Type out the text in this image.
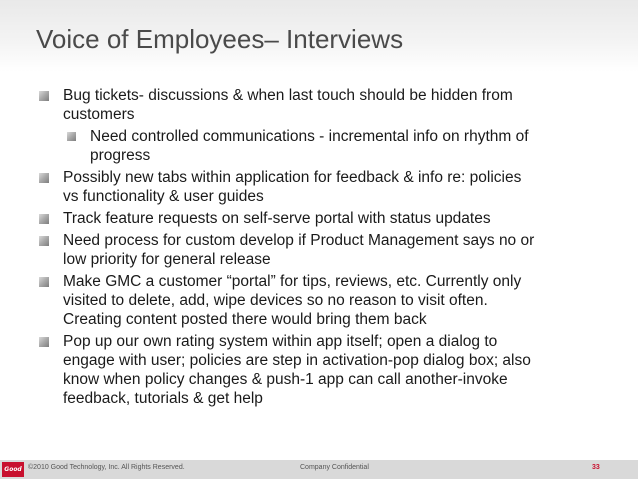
Voice of Employees– Interviews
Bug tickets- discussions & when last touch should be hidden from customers
Need controlled communications - incremental info on rhythm of progress
Possibly new tabs within application for feedback & info re: policies vs functionality & user guides
Track feature requests on self-serve portal with status updates
Need process for custom develop if Product Management says no or low priority for general release
Make GMC a customer “portal” for tips, reviews, etc. Currently only visited to delete, add, wipe devices so no reason to visit often. Creating content posted there would bring them back
Pop up our own rating system within app itself; open a dialog to engage with user; policies are step in activation-pop dialog box; also know when policy changes & push-1 app can call another-invoke feedback, tutorials & get help
Good ©2010 Good Technology, Inc. All Rights Reserved.	Company Confidential	33
